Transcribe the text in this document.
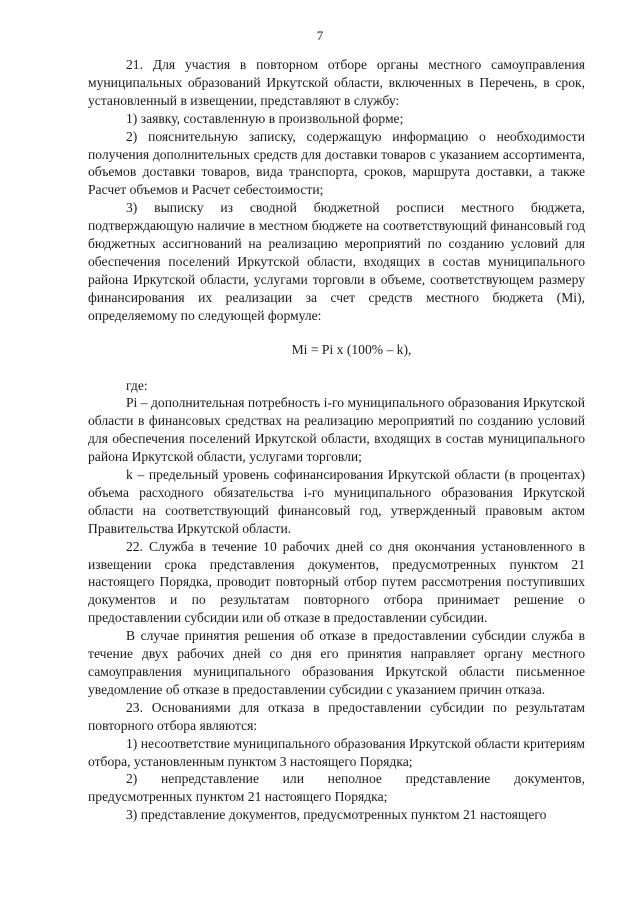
7

21. Для участия в повторном отборе органы местного самоуправления муниципальных образований Иркутской области, включенных в Перечень, в срок, установленный в извещении, представляют в службу:

1) заявку, составленную в произвольной форме;

2) пояснительную записку, содержащую информацию о необходимости получения дополнительных средств для доставки товаров с указанием ассортимента, объемов доставки товаров, вида транспорта, сроков, маршрута доставки, а также Расчет объемов и Расчет себестоимости;

3) выписку из сводной бюджетной росписи местного бюджета, подтверждающую наличие в местном бюджете на соответствующий финансовый год бюджетных ассигнований на реализацию мероприятий по созданию условий для обеспечения поселений Иркутской области, входящих в состав муниципального района Иркутской области, услугами торговли в объеме, соответствующем размеру финансирования их реализации за счет средств местного бюджета (Mi), определяемому по следующей формуле:

Mi = Pi x (100% – k),

где:

Pi – дополнительная потребность i-го муниципального образования Иркутской области в финансовых средствах на реализацию мероприятий по созданию условий для обеспечения поселений Иркутской области, входящих в состав муниципального района Иркутской области, услугами торговли;

k – предельный уровень софинансирования Иркутской области (в процентах) объема расходного обязательства i-го муниципального образования Иркутской области на соответствующий финансовый год, утвержденный правовым актом Правительства Иркутской области.

22. Служба в течение 10 рабочих дней со дня окончания установленного в извещении срока представления документов, предусмотренных пунктом 21 настоящего Порядка, проводит повторный отбор путем рассмотрения поступивших документов и по результатам повторного отбора принимает решение о предоставлении субсидии или об отказе в предоставлении субсидии.

В случае принятия решения об отказе в предоставлении субсидии служба в течение двух рабочих дней со дня его принятия направляет органу местного самоуправления муниципального образования Иркутской области письменное уведомление об отказе в предоставлении субсидии с указанием причин отказа.

23. Основаниями для отказа в предоставлении субсидии по результатам повторного отбора являются:

1) несоответствие муниципального образования Иркутской области критериям отбора, установленным пунктом 3 настоящего Порядка;

2) непредставление или неполное представление документов, предусмотренных пунктом 21 настоящего Порядка;

3) представление документов, предусмотренных пунктом 21 настоящего
